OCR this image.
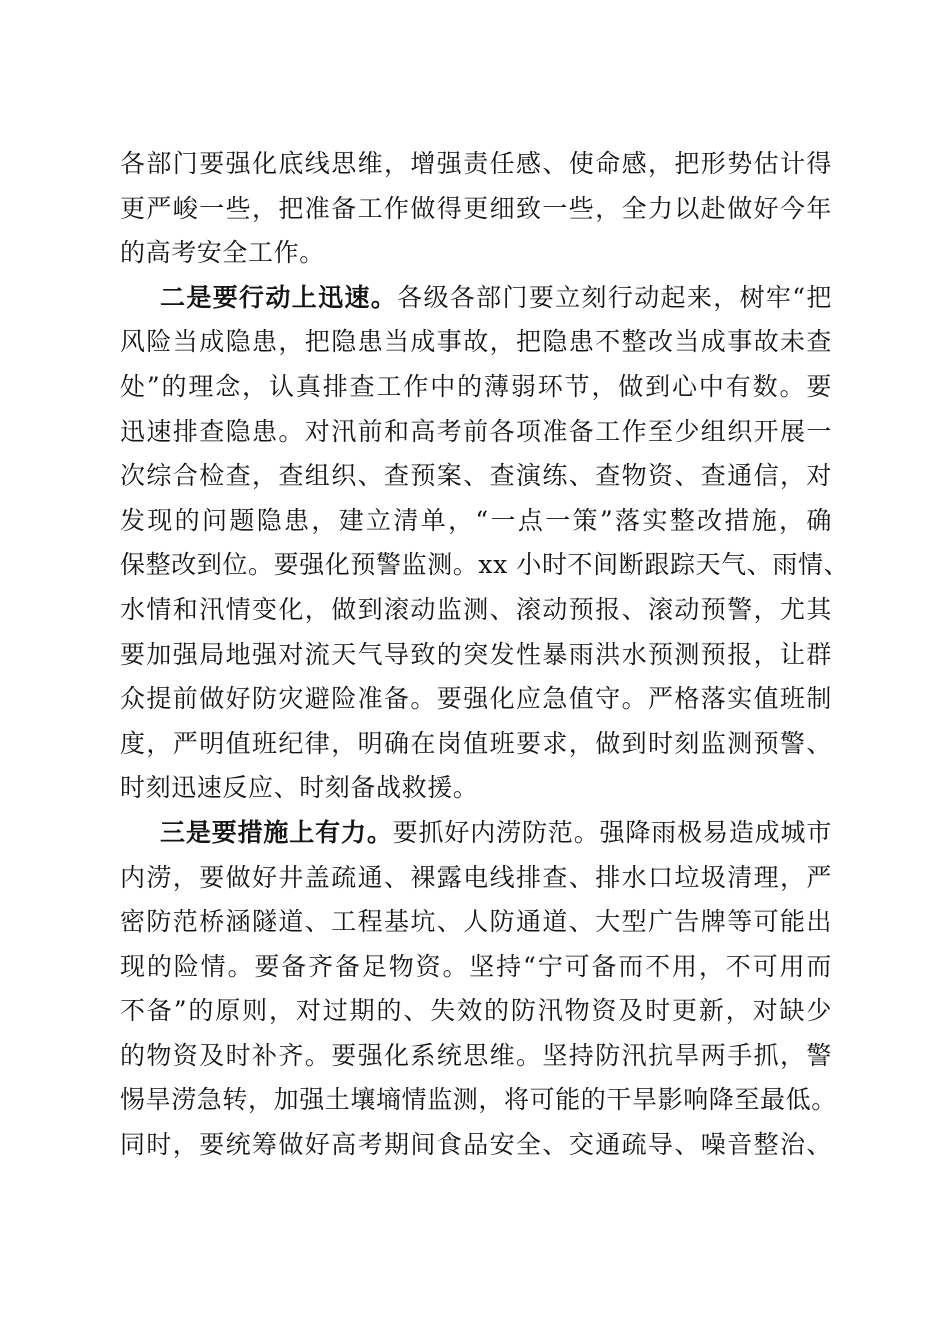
各部门要强化底线思维，增强责任感、使命感，把形势估计得
更严峻一些，把准备工作做得更细致一些，全力以赴做好今年
的高考安全工作。
二是要行动上迅速。各级各部门要立刻行动起来，树牢“把
风险当成隐患，把隐患当成事故，把隐患不整改当成事故未查
处”的理念，认真排查工作中的薄弱环节，做到心中有数。要
迅速排查隐患。对汛前和高考前各项准备工作至少组织开展一
次综合检查，查组织、查预案、查演练、查物资、查通信，对
发现的问题隐患，建立清单，“一点一策”落实整改措施，确
保整改到位。要强化预警监测。xx 小时不间断跟踪天气、雨情、
水情和汛情变化，做到滚动监测、滚动预报、滚动预警，尤其
要加强局地强对流天气导致的突发性暴雨洪水预测预报，让群
众提前做好防灾避险准备。要强化应急值守。严格落实值班制
度，严明值班纪律，明确在岗值班要求，做到时刻监测预警、
时刻迅速反应、时刻备战救援。
三是要措施上有力。要抓好内涝防范。强降雨极易造成城市
内涝，要做好井盖疏通、裸露电线排查、排水口垃圾清理，严
密防范桥涵隧道、工程基坑、人防通道、大型广告牌等可能出
现的险情。要备齐备足物资。坚持“宁可备而不用，不可用而
不备”的原则，对过期的、失效的防汛物资及时更新，对缺少
的物资及时补齐。要强化系统思维。坚持防汛抗旱两手抓，警
惕旱涝急转，加强土壤墒情监测，将可能的干旱影响降至最低。
同时，要统筹做好高考期间食品安全、交通疏导、噪音整治、
